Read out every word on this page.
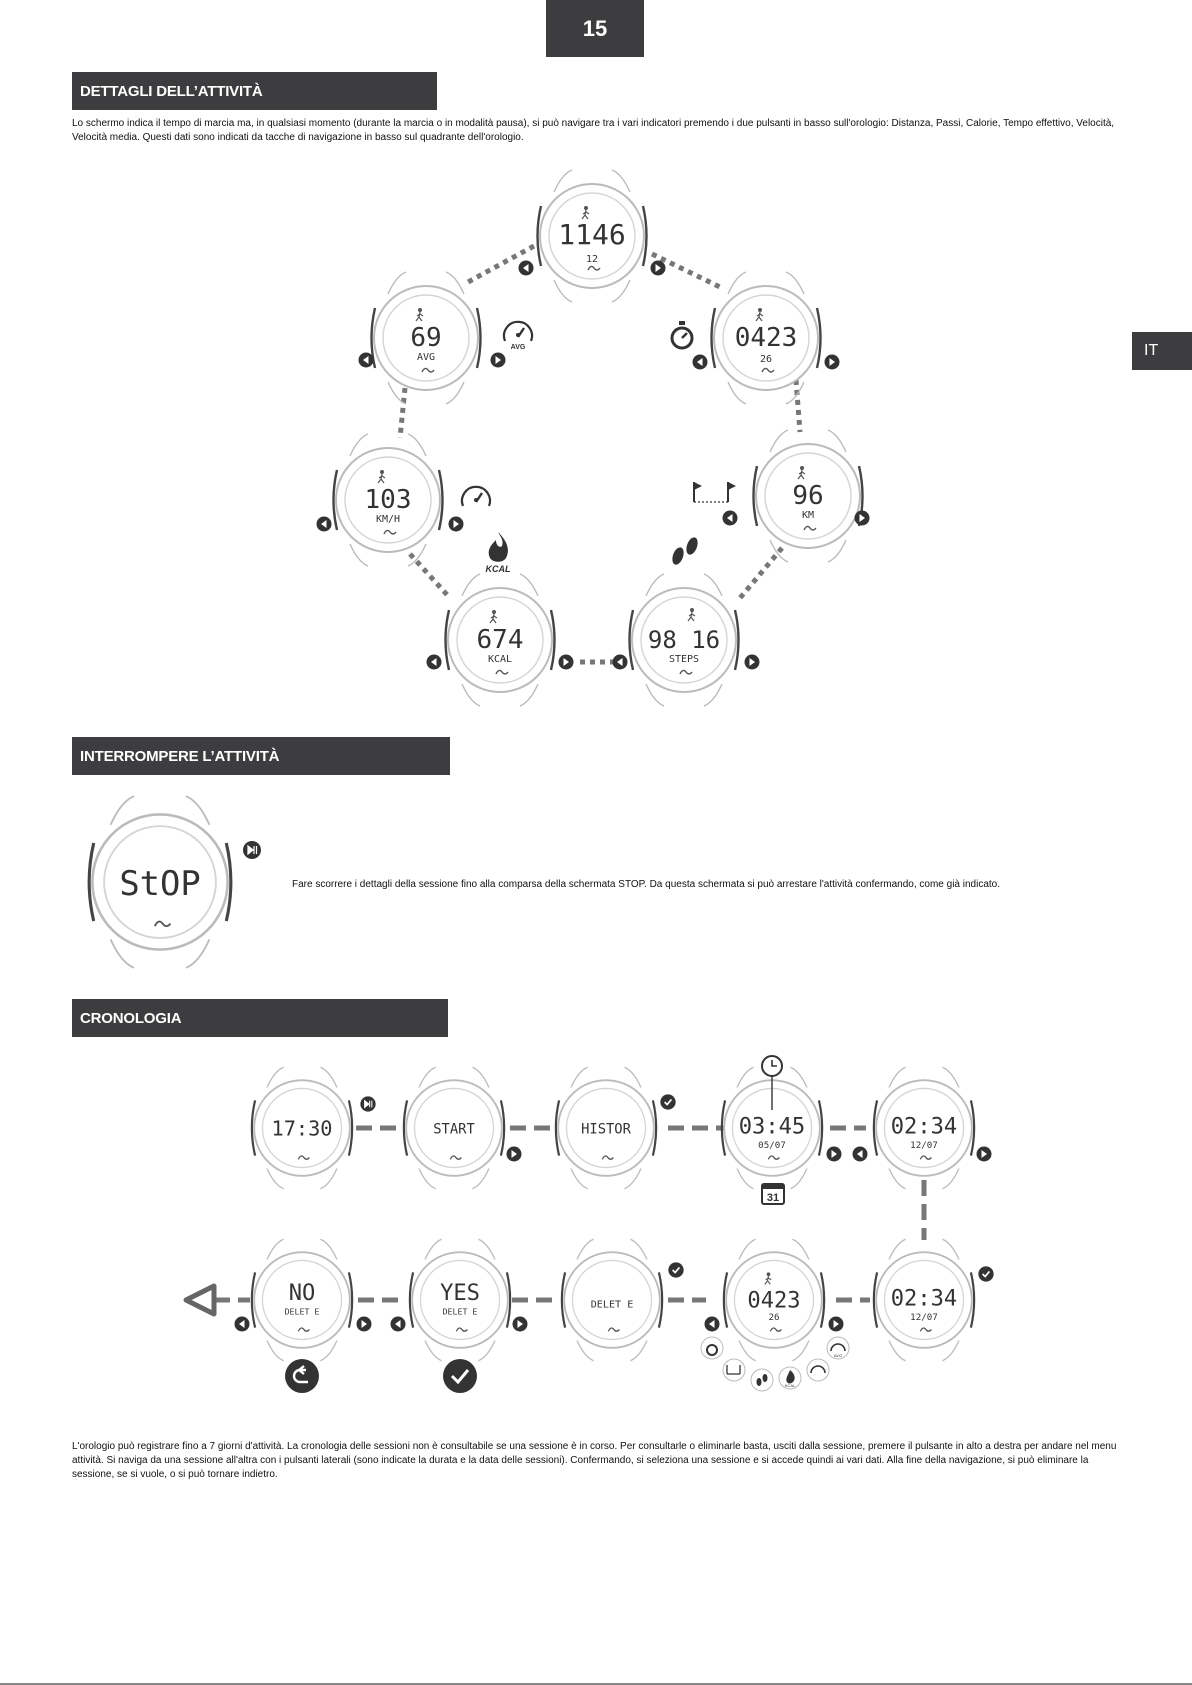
15
IT
DETTAGLI DELL’ATTIVITÀ

Lo schermo indica il tempo di marcia ma, in qualsiasi momento (durante la marcia o in modalità pausa), si può navigare tra i vari indicatori premendo i due pulsanti in basso sull'orologio: Distanza, Passi, Calorie, Tempo effettivo, Velocità, Velocità media. Questi dati sono indicati da tacche di navigazione in basso sul quadrante dell'orologio.

INTERROMPERE L’ATTIVITÀ

Fare scorrere i dettagli della sessione fino alla comparsa della schermata STOP. Da questa schermata si può arrestare l'attività confermando, come già indicato.

CRONOLOGIA

L'orologio può registrare fino a 7 giorni d'attività. La cronologia delle sessioni non è consultabile se una sessione è in corso. Per consultarle o eliminarle basta, usciti dalla sessione, premere il pulsante in alto a destra per andare nel menu attività. Si naviga da una sessione all'altra con i pulsanti laterali (sono indicate la durata e la data delle sessioni). Confermando, si seleziona una sessione e si accede quindi ai vari dati. Alla fine della navigazione, si può eliminare la sessione, se si vuole, o si può tornare indietro.

1146
12
0423
26
69
AVG
AVG
103
KM/H
96
KM
674
KCAL
KCAL
98 16
STEPS
StOP
17:30	START	HISTOR	03:45
05/07
31
02:34
12/07
02:34
12/07
0423
26
KCAL
AVG
DELET E
YES
DELET E
NO
DELET E
